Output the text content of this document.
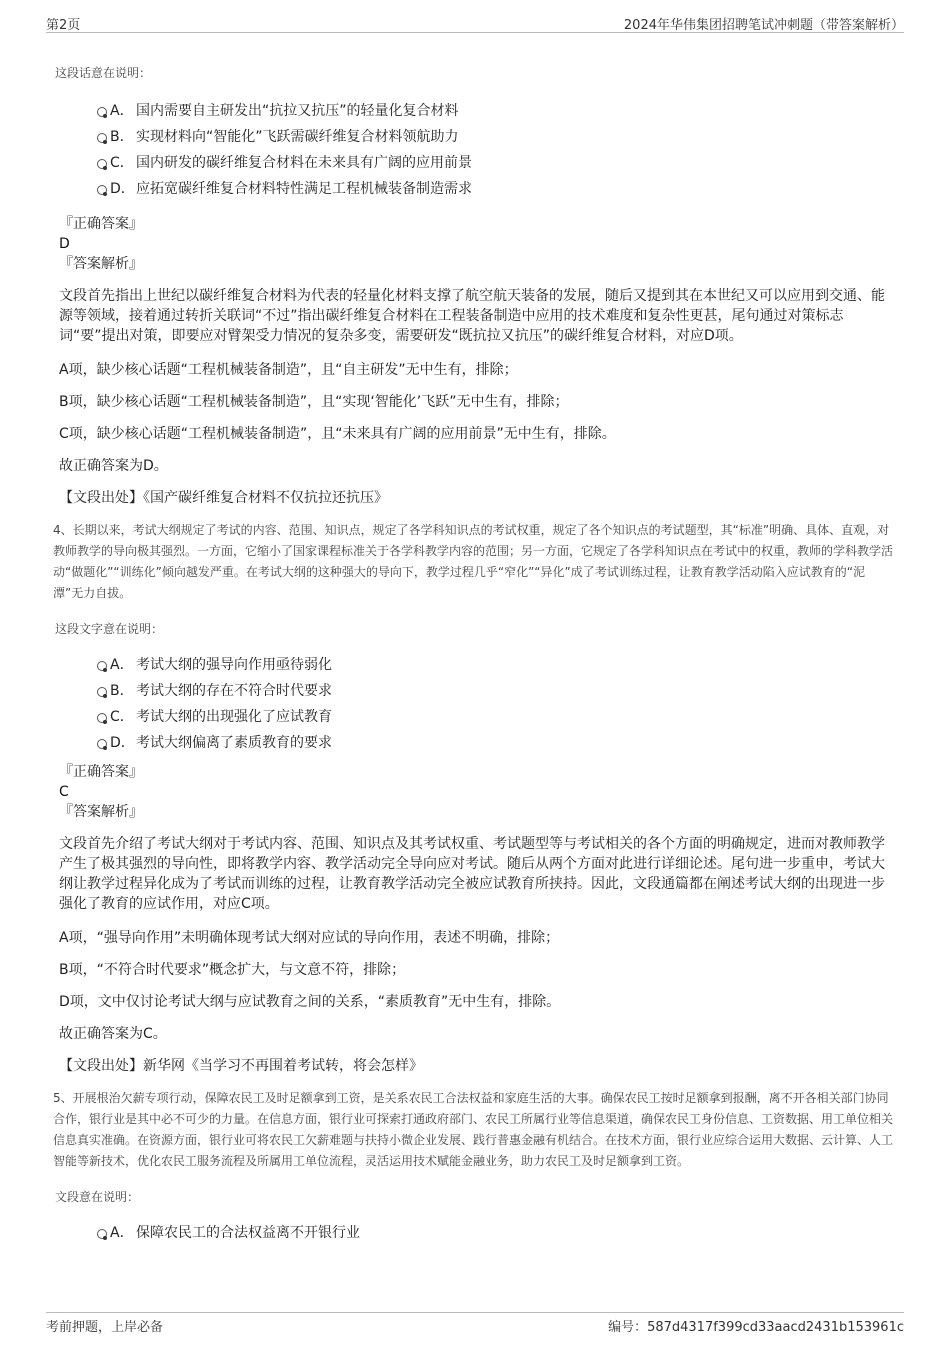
第2页	2024年华伟集团招聘笔试冲刺题（带答案解析）

这段话意在说明：

A． 国内需要自主研发出“抗拉又抗压”的轻量化复合材料
B． 实现材料向“智能化”飞跃需碳纤维复合材料领航助力
C． 国内研发的碳纤维复合材料在未来具有广阔的应用前景
D．应拓宽碳纤维复合材料特性满足工程机械装备制造需求
『正确答案』
D
『答案解析』

文段首先指出上世纪以碳纤维复合材料为代表的轻量化材料支撑了航空航天装备的发展，随后又提到其在本世纪又可以应用到交通、能源等领域，接着通过转折关联词“不过”指出碳纤维复合材料在工程装备制造中应用的技术难度和复杂性更甚，尾句通过对策标志词“要”提出对策，即要应对臂架受力情况的复杂多变，需要研发“既抗拉又抗压”的碳纤维复合材料，对应D项。

A项，缺少核心话题“工程机械装备制造”，且“自主研发”无中生有，排除；

B项，缺少核心话题“工程机械装备制造”，且“实现‘智能化’飞跃”无中生有，排除；

C项，缺少核心话题“工程机械装备制造”，且“未来具有广阔的应用前景”无中生有，排除。

故正确答案为D。

【文段出处】《国产碳纤维复合材料不仅抗拉还抗压》

4、长期以来，考试大纲规定了考试的内容、范围、知识点，规定了各学科知识点的考试权重，规定了各个知识点的考试题型，其“标准”明确、具体、直观，对教师教学的导向极其强烈。一方面，它缩小了国家课程标准关于各学科教学内容的范围；另一方面，它规定了各学科知识点在考试中的权重，教师的学科教学活动“做题化”“训练化”倾向越发严重。在考试大纲的这种强大的导向下，教学过程几乎“窄化”“异化”成了考试训练过程，让教育教学活动陷入应试教育的“泥潭”无力自拔。

这段文字意在说明：

A． 考试大纲的强导向作用亟待弱化
B． 考试大纲的存在不符合时代要求
C． 考试大纲的出现强化了应试教育
D．考试大纲偏离了素质教育的要求
『正确答案』
C
『答案解析』

文段首先介绍了考试大纲对于考试内容、范围、知识点及其考试权重、考试题型等与考试相关的各个方面的明确规定，进而对教师教学产生了极其强烈的导向性，即将教学内容、教学活动完全导向应对考试。随后从两个方面对此进行详细论述。尾句进一步重申，考试大纲让教学过程异化成为了考试而训练的过程，让教育教学活动完全被应试教育所挟持。因此，文段通篇都在阐述考试大纲的出现进一步强化了教育的应试作用，对应C项。

A项，“强导向作用”未明确体现考试大纲对应试的导向作用，表述不明确，排除；

B项，“不符合时代要求”概念扩大，与文意不符，排除；

D项，文中仅讨论考试大纲与应试教育之间的关系，“素质教育”无中生有，排除。

故正确答案为C。

【文段出处】新华网《当学习不再围着考试转，将会怎样》

5、开展根治欠薪专项行动，保障农民工及时足额拿到工资，是关系农民工合法权益和家庭生活的大事。确保农民工按时足额拿到报酬，离不开各相关部门协同合作，银行业是其中必不可少的力量。在信息方面，银行业可探索打通政府部门、农民工所属行业等信息渠道，确保农民工身份信息、工资数据、用工单位相关信息真实准确。在资源方面，银行业可将农民工欠薪难题与扶持小微企业发展、践行普惠金融有机结合。在技术方面，银行业应综合运用大数据、云计算、人工智能等新技术，优化农民工服务流程及所属用工单位流程，灵活运用技术赋能金融业务，助力农民工及时足额拿到工资。

文段意在说明：

A． 保障农民工的合法权益离不开银行业
考前押题，上岸必备	编号：587d4317f399cd33aacd2431b153961c
